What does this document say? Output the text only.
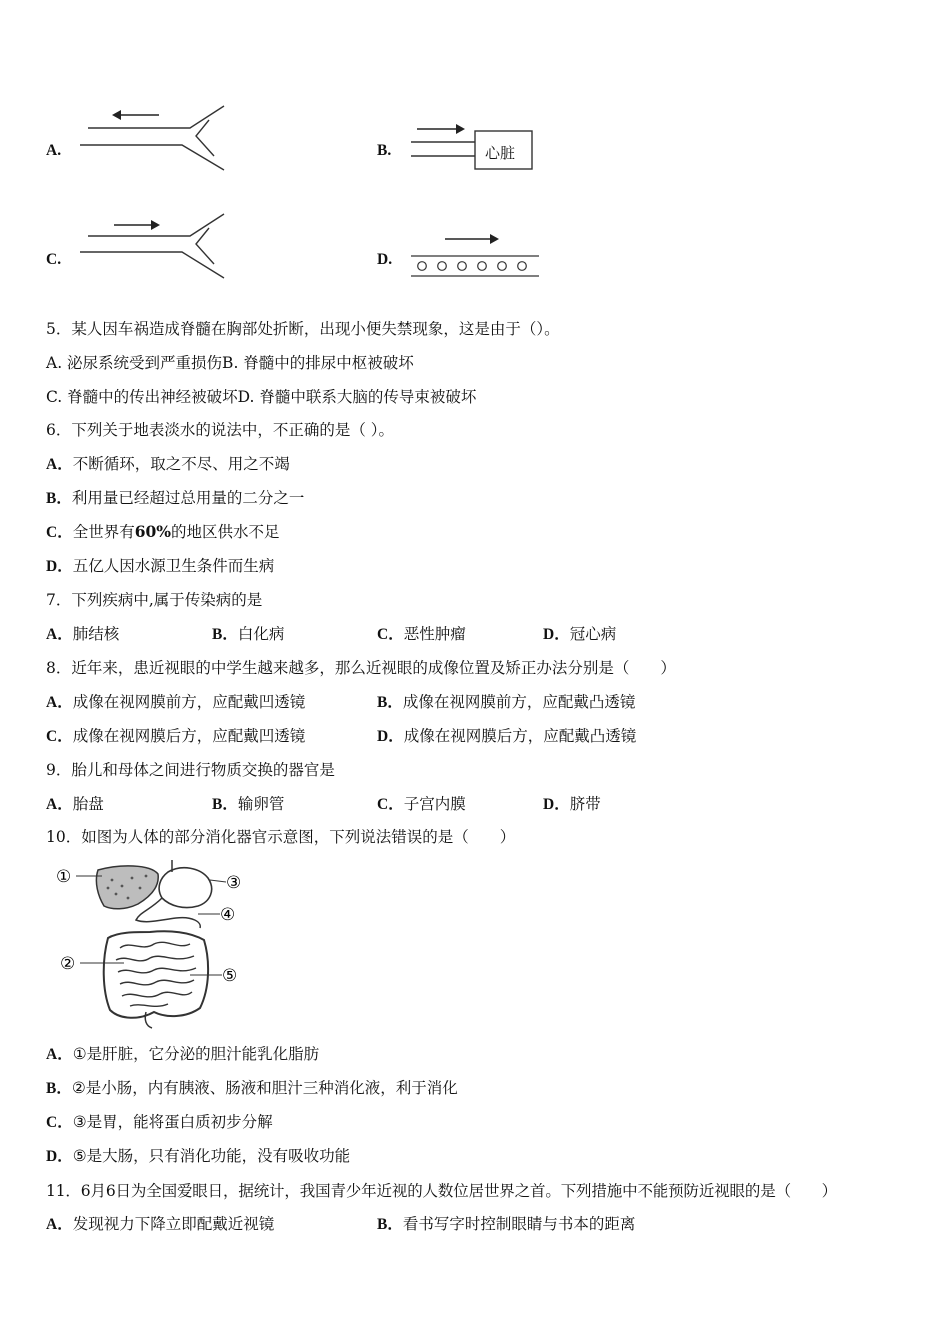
A.	B.	心脏
C.	D.
5．某人因车祸造成脊髓在胸部处折断，出现小便失禁现象，这是由于（）。
A. 泌尿系统受到严重损伤B. 脊髓中的排尿中枢被破坏
C. 脊髓中的传出神经被破坏D. 脊髓中联系大脑的传导束被破坏
6．下列关于地表淡水的说法中，不正确的是（ ）。
A．不断循环，取之不尽、用之不竭
B．利用量已经超过总用量的二分之一
C．全世界有60%的地区供水不足
D．五亿人因水源卫生条件而生病
7．下列疾病中,属于传染病的是
A．肺结核	B．白化病	C．恶性肿瘤	D．冠心病
8．近年来，患近视眼的中学生越来越多，那么近视眼的成像位置及矫正办法分别是（　　）
A．成像在视网膜前方，应配戴凹透镜	B．成像在视网膜前方，应配戴凸透镜
C．成像在视网膜后方，应配戴凹透镜	D．成像在视网膜后方，应配戴凸透镜
9．胎儿和母体之间进行物质交换的器官是
A．胎盘	B．输卵管	C．子宫内膜	D．脐带
10．如图为人体的部分消化器官示意图，下列说法错误的是（　　）
①	③
④
②
⑤
A．①是肝脏，它分泌的胆汁能乳化脂肪
B．②是小肠，内有胰液、肠液和胆汁三种消化液，利于消化
C．③是胃，能将蛋白质初步分解
D．⑤是大肠，只有消化功能，没有吸收功能
11．6月6日为全国爱眼日，据统计，我国青少年近视的人数位居世界之首。下列措施中不能预防近视眼的是（　　）
A．发现视力下降立即配戴近视镜	B．看书写字时控制眼睛与书本的距离
